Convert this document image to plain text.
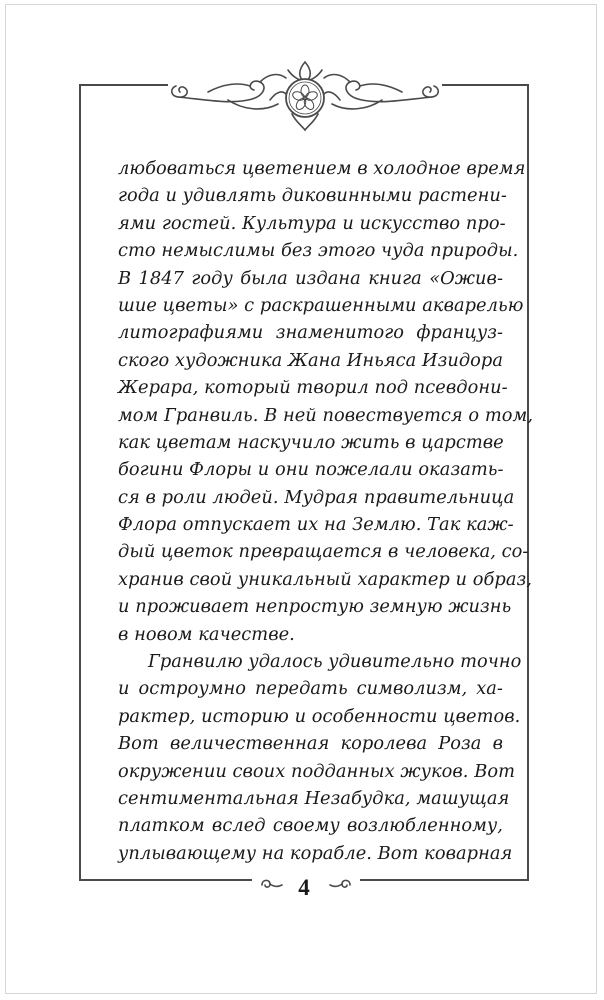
любоваться цветением в холодное время
года и удивлять диковинными растени-
ями гостей. Культура и искусство про-
сто немыслимы без этого чуда природы.
В 1847 году была издана книга «Ожив-
шие цветы» с раскрашенными акварелью
литографиями знаменитого француз-
ского художника Жана Иньяса Изидора
Жерара, который творил под псевдони-
мом Гранвиль. В ней повествуется о том,
как цветам наскучило жить в царстве
богини Флоры и они пожелали оказать-
ся в роли людей. Мудрая правительница
Флора отпускает их на Землю. Так каж-
дый цветок превращается в человека, со-
хранив свой уникальный характер и образ,
и проживает непростую земную жизнь
в новом качестве.
Гранвилю удалось удивительно точно
и остроумно передать символизм, ха-
рактер, историю и особенности цветов.
Вот величественная королева Роза в
окружении своих подданных жуков. Вот
сентиментальная Незабудка, машущая
платком вслед своему возлюбленному,
уплывающему на корабле. Вот коварная
4
